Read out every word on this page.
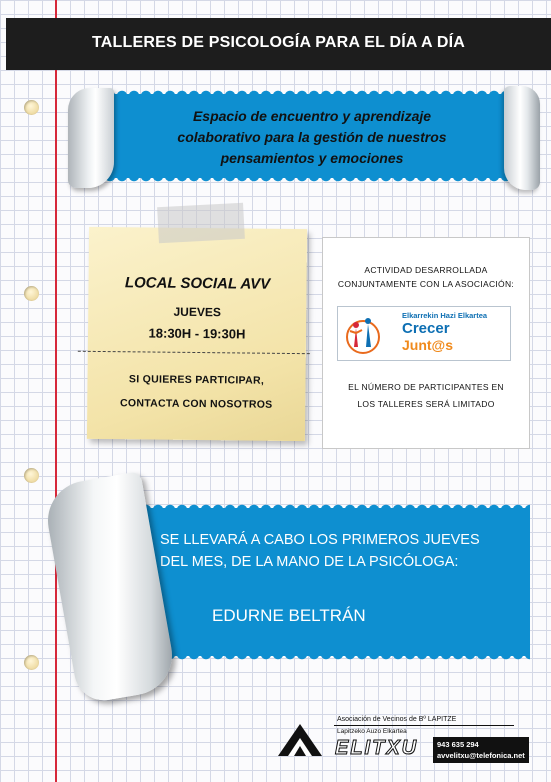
TALLERES DE PSICOLOGÍA PARA EL DÍA A DÍA
Espacio de encuentro y aprendizaje
colaborativo para la gestión de nuestros
pensamientos y emociones
LOCAL SOCIAL AVV
JUEVES
18:30H - 19:30H
SI QUIERES PARTICIPAR,
CONTACTA CON NOSOTROS
ACTIVIDAD DESARROLLADA
CONJUNTAMENTE CON LA ASOCIACIÓN:
Elkarrekin Hazi Elkartea
Crecer
Junt@s
EL NÚMERO DE PARTICIPANTES EN
LOS TALLERES SERÁ LIMITADO
SE LLEVARÁ A CABO LOS PRIMEROS JUEVES
DEL MES, DE LA MANO DE LA PSICÓLOGA:
EDURNE BELTRÁN
Asociación de Vecinos de Bº LAPITZE
Lapitzeko Auzo Elkartea
ELITXU	943 635 294
avvelitxu@telefonica.net
